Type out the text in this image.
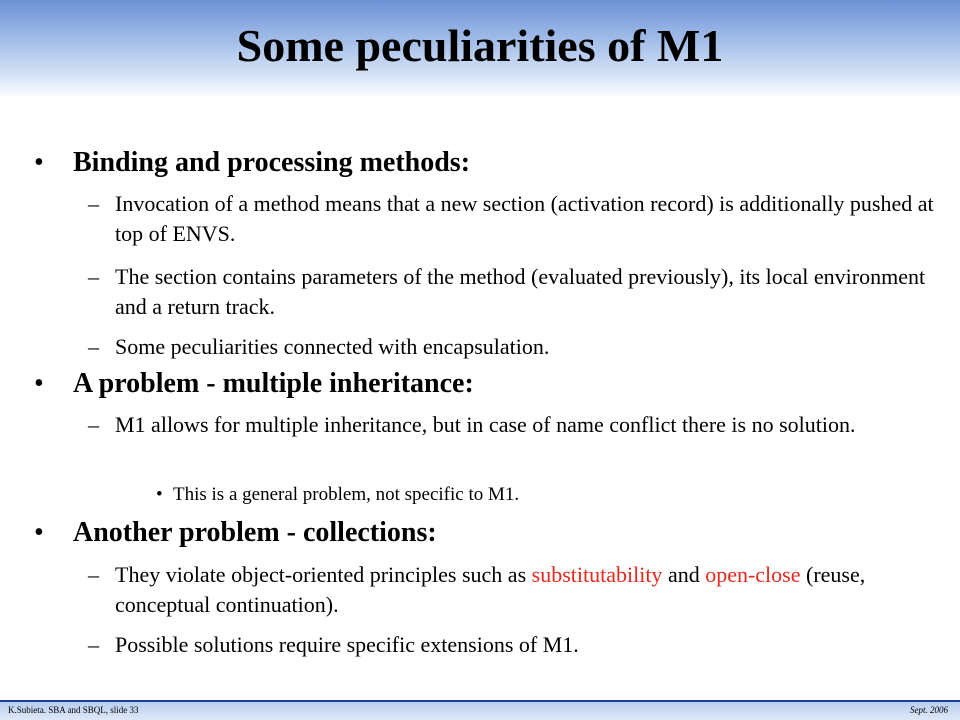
Some peculiarities of M1
•	Binding and processing methods:
– Invocation of a method means that a new section (activation record) is additionally pushed at top of ENVS.
– The section contains parameters of the method (evaluated previously), its local environment and a return track.
– Some peculiarities connected with encapsulation.
•	A problem - multiple inheritance:
– M1 allows for multiple inheritance, but in case of name conflict there is no solution.
• This is a general problem, not specific to M1.
•	Another problem - collections:
– They violate object-oriented principles such as substitutability and open-close (reuse, conceptual continuation).
– Possible solutions require specific extensions of M1.
K.Subieta. SBA and SBQL, slide 33	Sept. 2006
